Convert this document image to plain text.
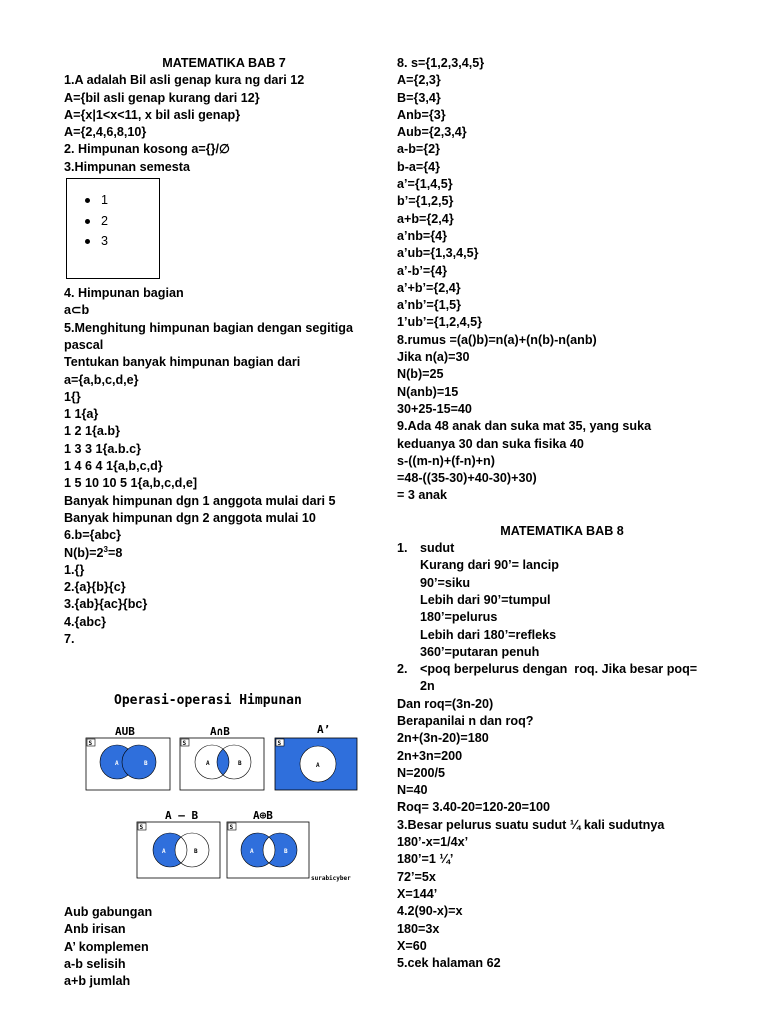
MATEMATIKA BAB 7
1.A adalah Bil asli genap kura ng dari 12
A={bil asli genap kurang dari 12}
A={x|1<x<11, x bil asli genap}
A={2,4,6,8,10}
2. Himpunan kosong a={}/∅
3.Himpunan semesta
1
2
3
4. Himpunan bagian
a⊂b
5.Menghitung himpunan bagian dengan segitiga
pascal
Tentukan banyak himpunan bagian dari
a={a,b,c,d,e}
1{}
1 1{a}
1 2 1{a.b}
1 3 3 1{a.b.c}
1 4 6 4 1{a,b,c,d}
1 5 10 10 5 1{a,b,c,d,e]
Banyak himpunan dgn 1 anggota mulai dari 5
Banyak himpunan dgn 2 anggota mulai 10
6.b={abc}
$N(b)=2^3=8$
1.{}
2.{a}{b}{c}
3.{ab}{ac}{bc}
4.{abc}
7.
Operasi-operasi Himpunan
AUB
S
A	B
A∩B
S
A	B
A’
S
A
A – B
S
A	B
A⊕B
S
A	B
surabicyber
Aub gabungan
Anb irisan
A’ komplemen
a-b selisih
a+b jumlah
8. s={1,2,3,4,5}
A={2,3}
B={3,4}
Anb={3}
Aub={2,3,4}
a-b={2}
b-a={4}
a’={1,4,5}
b’={1,2,5}
a+b={2,4}
a’nb={4}
a’ub={1,3,4,5}
a’-b’={4}
a’+b’={2,4}
a’nb’={1,5}
1’ub’={1,2,4,5}
8.rumus =(a()b)=n(a)+(n(b)-n(anb)
Jika n(a)=30
N(b)=25
N(anb)=15
30+25-15=40
9.Ada 48 anak dan suka mat 35, yang suka
keduanya 30 dan suka fisika 40
s-((m-n)+(f-n)+n)
=48-((35-30)+40-30)+30)
= 3 anak
MATEMATIKA BAB 8
1. sudut
Kurang dari 90’= lancip
90’=siku
Lebih dari 90’=tumpul
180’=pelurus
Lebih dari 180’=refleks
360’=putaran penuh
2. <poq berpelurus dengan  roq. Jika besar poq=
2n
Dan roq=(3n-20)
Berapanilai n dan roq?
2n+(3n-20)=180
2n+3n=200
N=200/5
N=40
Roq= 3.40-20=120-20=100
3.Besar pelurus suatu sudut ¼ kali sudutnya
180’-x=1/4x’
180’=1 ¼’
72’=5x
X=144’
4.2(90-x)=x
180=3x
X=60
5.cek halaman 62
